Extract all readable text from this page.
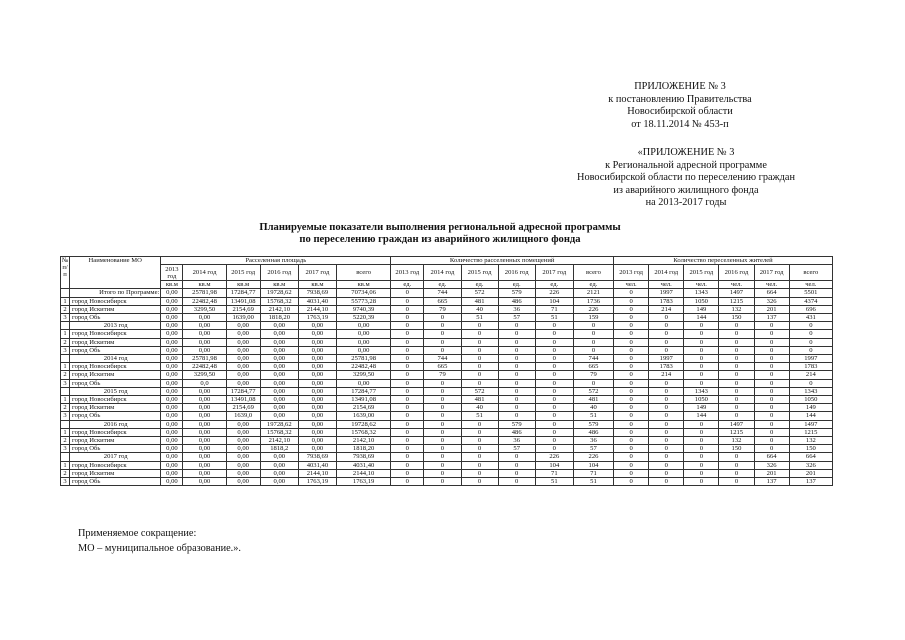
ПРИЛОЖЕНИЕ № 3
к постановлению Правительства
Новосибирской области
от 18.11.2014 № 453-п
«ПРИЛОЖЕНИЕ № 3
к Региональной адресной программе
Новосибирской области по переселению граждан
из аварийного жилищного фонда
на 2013-2017 годы
Планируемые показатели выполнения региональной адресной программы
по переселению граждан из аварийного жилищного фонда
№ п/п	Наименование МО	Расселенная площадь						Количество расселенных помещений						Количество переселенных жителей					
		2013 год	2014 год	2015 год	2016 год	2017 год	всего	2013 год	2014 год	2015 год	2016 год	2017 год	всего	2013 год	2014 год	2015 год	2016 год	2017 год	всего
		кв.м	кв.м	кв.м	кв.м	кв.м	кв.м	ед.	ед.	ед.	ед.	ед.	ед.	чел.	чел.	чел.	чел.	чел.	чел.
	Итого по Программе:	0,00	25781,98	17284,77	19728,62	7938,69	70734,06	0	744	572	579	226	2121	0	1997	1343	1497	664	5501
1	город Новосибирск	0,00	22482,48	13491,08	15768,32	4031,40	55773,28	0	665	481	486	104	1736	0	1783	1050	1215	326	4374
2	город Искитим	0,00	3299,50	2154,69	2142,10	2144,10	9740,39	0	79	40	36	71	226	0	214	149	132	201	696
3	город Обь	0,00	0,00	1639,00	1818,20	1763,19	5220,39	0	0	51	57	51	159	0	0	144	150	137	431
	2013 год	0,00	0,00	0,00	0,00	0,00	0,00	0	0	0	0	0	0	0	0	0	0	0	0
1	город Новосибирск	0,00	0,00	0,00	0,00	0,00	0,00	0	0	0	0	0	0	0	0	0	0	0	0
2	город Искитим	0,00	0,00	0,00	0,00	0,00	0,00	0	0	0	0	0	0	0	0	0	0	0	0
3	город Обь	0,00	0,00	0,00	0,00	0,00	0,00	0	0	0	0	0	0	0	0	0	0	0	0
	2014 год	0,00	25781,98	0,00	0,00	0,00	25781,98	0	744	0	0	0	744	0	1997	0	0	0	1997
1	город Новосибирск	0,00	22482,48	0,00	0,00	0,00	22482,48	0	665	0	0	0	665	0	1783	0	0	0	1783
2	город Искитим	0,00	3299,50	0,00	0,00	0,00	3299,50	0	79	0	0	0	79	0	214	0	0	0	214
3	город Обь	0,00	0,0	0,00	0,00	0,00	0,00	0	0	0	0	0	0	0	0	0	0	0	0
	2015 год	0,00	0,00	17284,77	0,00	0,00	17284,77	0	0	572	0	0	572	0	0	1343	0	0	1343
1	город Новосибирск	0,00	0,00	13491,08	0,00	0,00	13491,08	0	0	481	0	0	481	0	0	1050	0	0	1050
2	город Искитим	0,00	0,00	2154,69	0,00	0,00	2154,69	0	0	40	0	0	40	0	0	149	0	0	149
3	город Обь	0,00	0,00	1639,0	0,00	0,00	1639,00	0	0	51	0	0	51	0	0	144	0	0	144
	2016 год	0,00	0,00	0,00	19728,62	0,00	19728,62	0	0	0	579	0	579	0	0	0	1497	0	1497
1	город Новосибирск	0,00	0,00	0,00	15768,32	0,00	15768,32	0	0	0	486	0	486	0	0	0	1215	0	1215
2	город Искитим	0,00	0,00	0,00	2142,10	0,00	2142,10	0	0	0	36	0	36	0	0	0	132	0	132
3	город Обь	0,00	0,00	0,00	1818,2	0,00	1818,20	0	0	0	57	0	57	0	0	0	150	0	150
	2017 год	0,00	0,00	0,00	0,00	7938,69	7938,69	0	0	0	0	226	226	0	0	0	0	664	664
1	город Новосибирск	0,00	0,00	0,00	0,00	4031,40	4031,40	0	0	0	0	104	104	0	0	0	0	326	326
2	город Искитим	0,00	0,00	0,00	0,00	2144,10	2144,10	0	0	0	0	71	71	0	0	0	0	201	201
3	город Обь	0,00	0,00	0,00	0,00	1763,19	1763,19	0	0	0	0	51	51	0	0	0	0	137	137
Применяемое сокращение:
МО – муниципальное образование.».
